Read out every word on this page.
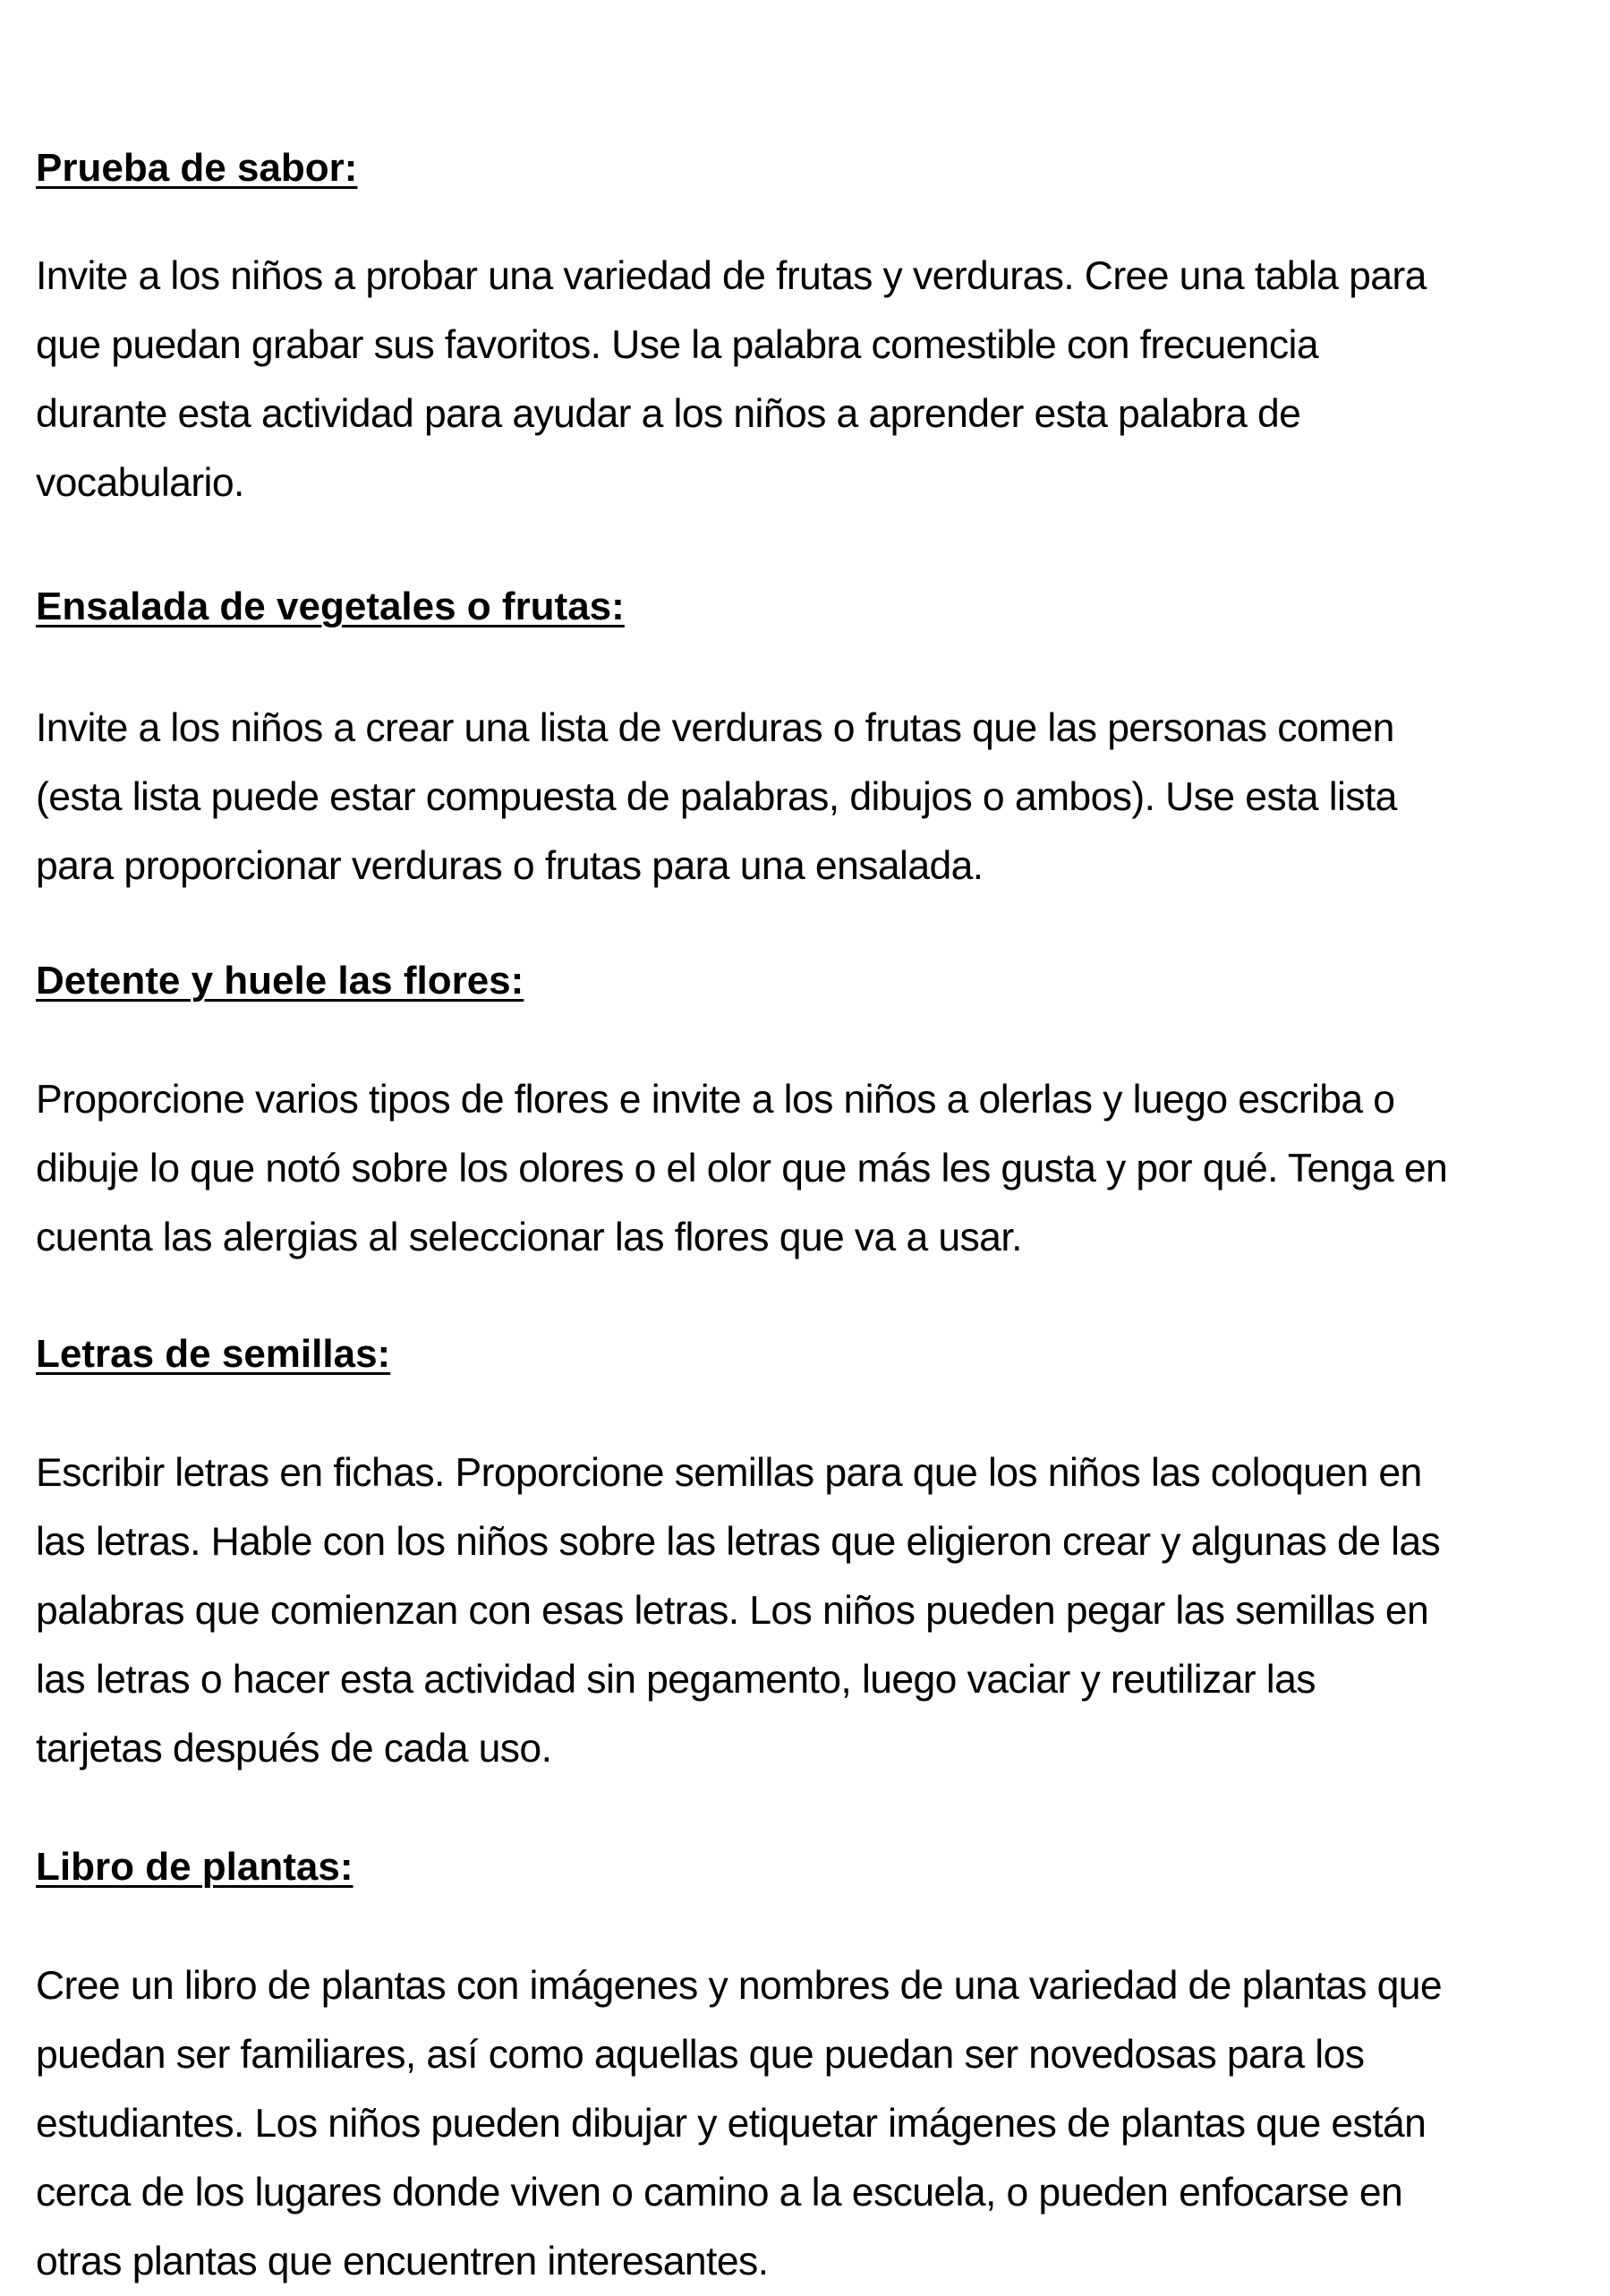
Prueba de sabor:

Invite a los niños a probar una variedad de frutas y verduras. Cree una tabla para
que puedan grabar sus favoritos. Use la palabra comestible con frecuencia
durante esta actividad para ayudar a los niños a aprender esta palabra de
vocabulario.

Ensalada de vegetales o frutas:

Invite a los niños a crear una lista de verduras o frutas que las personas comen
(esta lista puede estar compuesta de palabras, dibujos o ambos). Use esta lista
para proporcionar verduras o frutas para una ensalada.

Detente y huele las flores:

Proporcione varios tipos de flores e invite a los niños a olerlas y luego escriba o
dibuje lo que notó sobre los olores o el olor que más les gusta y por qué. Tenga en
cuenta las alergias al seleccionar las flores que va a usar.

Letras de semillas:

Escribir letras en fichas. Proporcione semillas para que los niños las coloquen en
las letras. Hable con los niños sobre las letras que eligieron crear y algunas de las
palabras que comienzan con esas letras. Los niños pueden pegar las semillas en
las letras o hacer esta actividad sin pegamento, luego vaciar y reutilizar las
tarjetas después de cada uso.

Libro de plantas:

Cree un libro de plantas con imágenes y nombres de una variedad de plantas que
puedan ser familiares, así como aquellas que puedan ser novedosas para los
estudiantes. Los niños pueden dibujar y etiquetar imágenes de plantas que están
cerca de los lugares donde viven o camino a la escuela, o pueden enfocarse en
otras plantas que encuentren interesantes.
